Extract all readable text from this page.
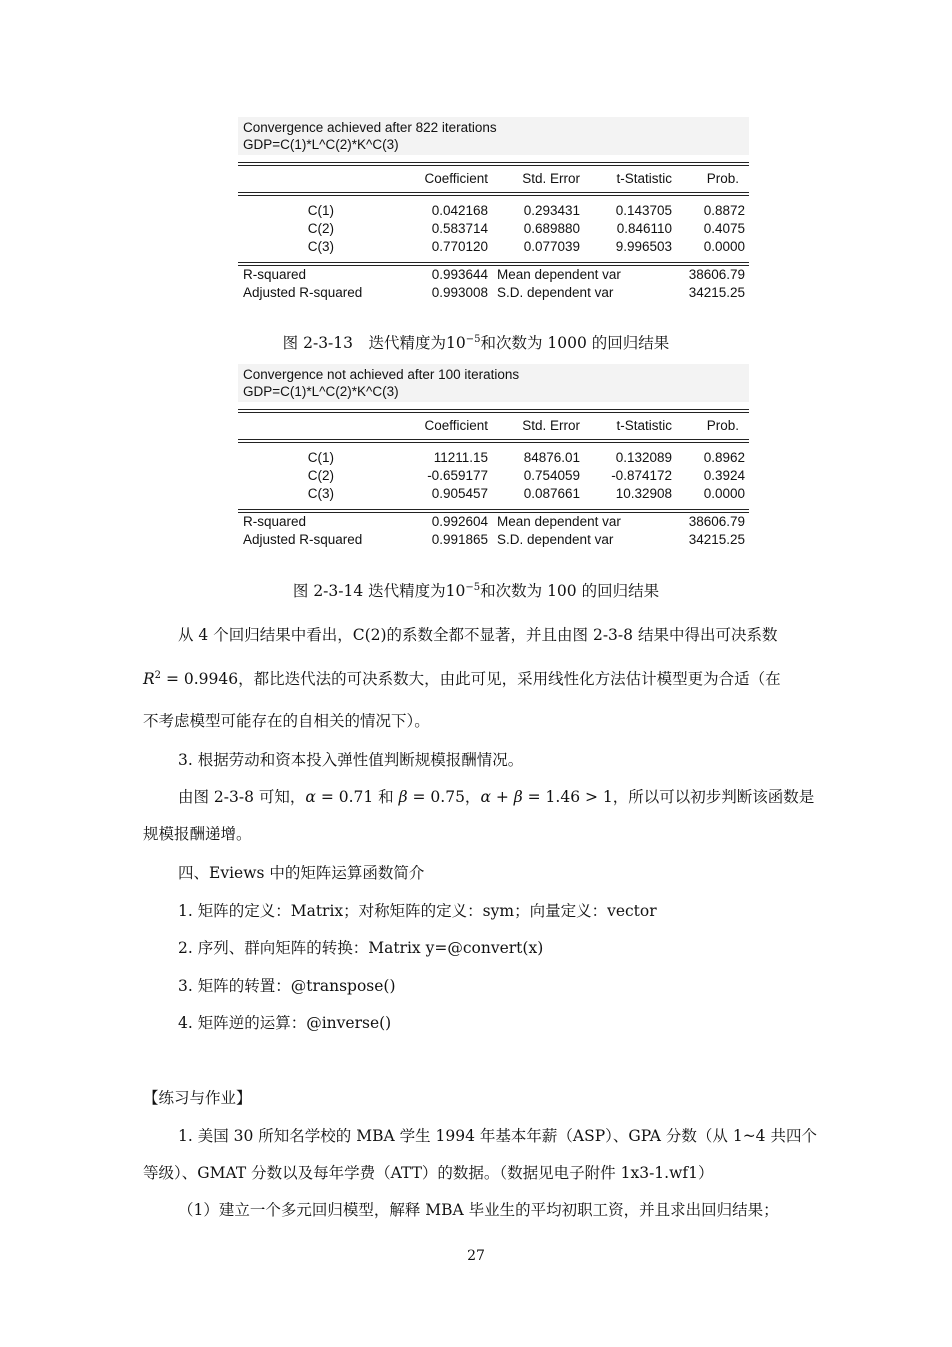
Convergence achieved after 822 iterations
GDP=C(1)*L^C(2)*K^C(3)
	Coefficient	Std. Error	t-Statistic	Prob.
C(1)	0.042168	0.293431	0.143705	0.8872
C(2)	0.583714	0.689880	0.846110	0.4075
C(3)	0.770120	0.077039	9.996503	0.0000
R-squared	0.993644	Mean dependent var	38606.79
Adjusted R-squared	0.993008	S.D. dependent var	34215.25
图 2-3-13　迭代精度为$10^{-5}$和次数为 1000 的回归结果
Convergence not achieved after 100 iterations
GDP=C(1)*L^C(2)*K^C(3)
	Coefficient	Std. Error	t-Statistic	Prob.
C(1)	11211.15	84876.01	0.132089	0.8962
C(2)	-0.659177	0.754059	-0.874172	0.3924
C(3)	0.905457	0.087661	10.32908	0.0000
R-squared	0.992604	Mean dependent var	38606.79
Adjusted R-squared	0.991865	S.D. dependent var	34215.25
图 2-3-14 迭代精度为$10^{-5}$和次数为 100 的回归结果
从 4 个回归结果中看出，C(2)的系数全都不显著，并且由图 2-3-8 结果中得出可决系数
$R^2 = 0.9946$，都比迭代法的可决系数大，由此可见，采用线性化方法估计模型更为合适（在
不考虑模型可能存在的自相关的情况下）。
3. 根据劳动和资本投入弹性值判断规模报酬情况。
由图 2-3-8 可知，α = 0.71 和 β = 0.75，α + β = 1.46 > 1，所以可以初步判断该函数是
规模报酬递增。
四、Eviews 中的矩阵运算函数简介
1. 矩阵的定义：Matrix；对称矩阵的定义：sym；向量定义：vector
2. 序列、群向矩阵的转换：Matrix y=@convert(x)
3. 矩阵的转置：@transpose()
4. 矩阵逆的运算：@inverse()
【练习与作业】
1. 美国 30 所知名学校的 MBA 学生 1994 年基本年薪（ASP）、GPA 分数（从 1~4 共四个
等级）、GMAT 分数以及每年学费（ATT）的数据。（数据见电子附件 1x3-1.wf1）
（1）建立一个多元回归模型，解释 MBA 毕业生的平均初职工资，并且求出回归结果；
27
